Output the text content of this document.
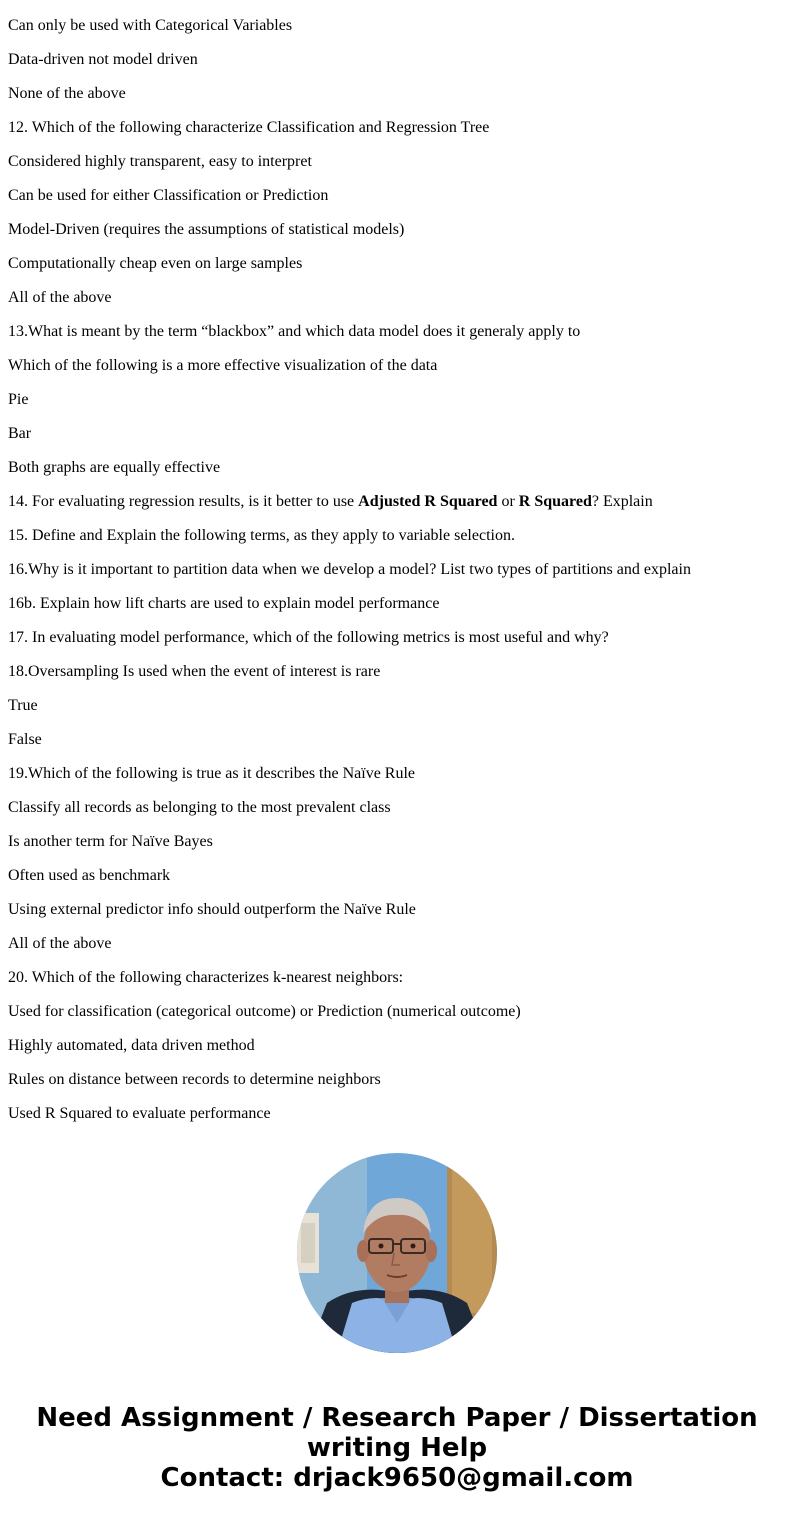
Can only be used with Categorical Variables
Data-driven not model driven
None of the above
12. Which of the following characterize Classification and Regression Tree
Considered highly transparent, easy to interpret
Can be used for either Classification or Prediction
Model-Driven (requires the assumptions of statistical models)
Computationally cheap even on large samples
All of the above
13.What is meant by the term “blackbox” and which data model does it generaly apply to
Which of the following is a more effective visualization of the data
Pie
Bar
Both graphs are equally effective
14. For evaluating regression results, is it better to use Adjusted R Squared or R Squared? Explain
15. Define and Explain the following terms, as they apply to variable selection.
16.Why is it important to partition data when we develop a model? List two types of partitions and explain
16b. Explain how lift charts are used to explain model performance
17. In evaluating model performance, which of the following metrics is most useful and why?
18.Oversampling Is used when the event of interest is rare
True
False
19.Which of the following is true as it describes the Naïve Rule
Classify all records as belonging to the most prevalent class
Is another term for Naïve Bayes
Often used as benchmark
Using external predictor info should outperform the Naïve Rule
All of the above
20. Which of the following characterizes k-nearest neighbors:
Used for classification (categorical outcome) or Prediction (numerical outcome)
Highly automated, data driven method
Rules on distance between records to determine neighbors
Used R Squared to evaluate performance
Need Assignment / Research Paper / Dissertation
writing Help
Contact: drjack9650@gmail.com
